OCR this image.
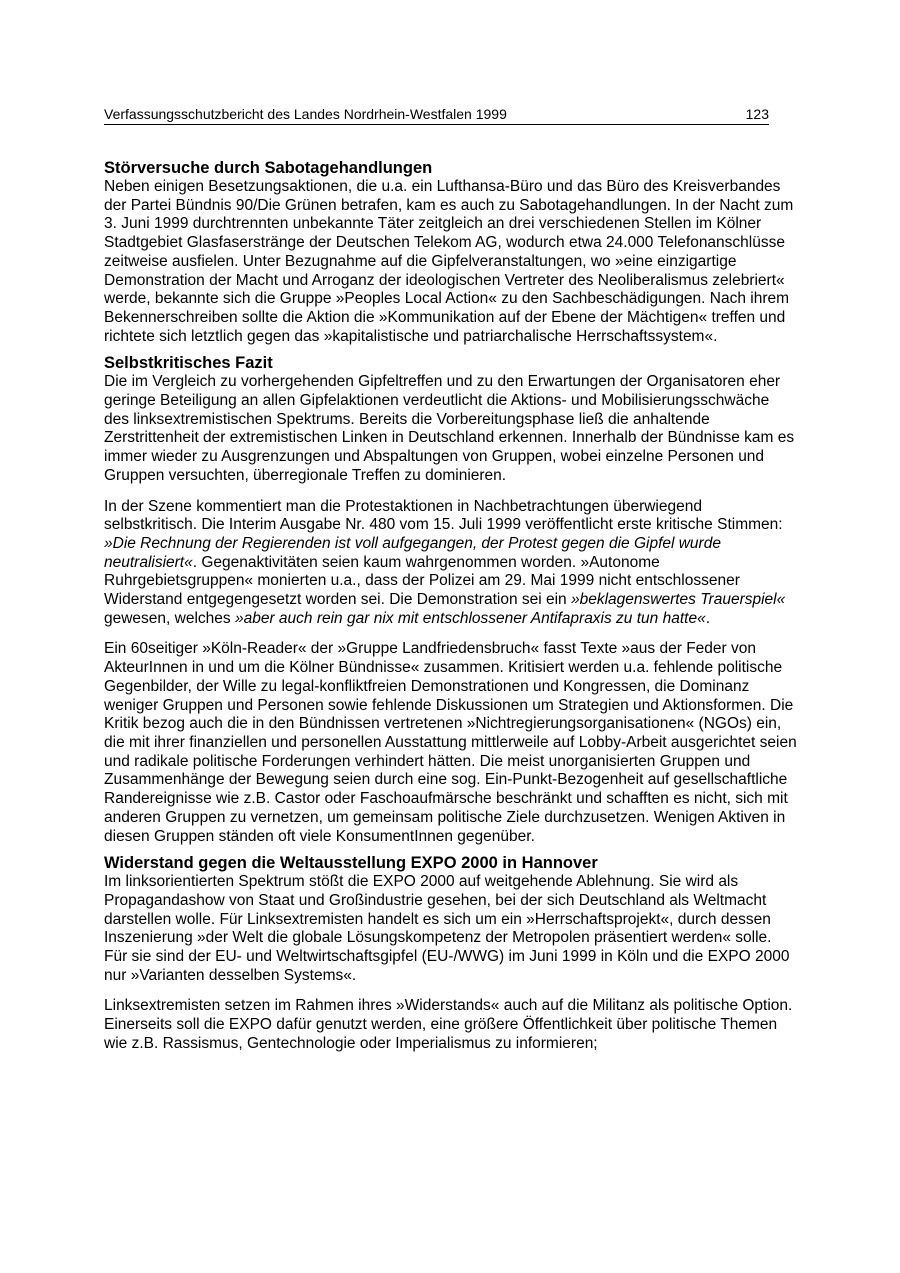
Verfassungsschutzbericht des Landes Nordrhein-Westfalen 1999	123
Störversuche durch Sabotagehandlungen

Neben einigen Besetzungsaktionen, die u.a. ein Lufthansa-Büro und das Büro des Kreisverbandes der Partei Bündnis 90/Die Grünen betrafen, kam es auch zu Sabotagehandlungen. In der Nacht zum 3. Juni 1999 durchtrennten unbekannte Täter zeitgleich an drei verschiedenen Stellen im Kölner Stadtgebiet Glasfaserstränge der Deutschen Telekom AG, wodurch etwa 24.000 Telefonanschlüsse zeitweise ausfielen. Unter Bezugnahme auf die Gipfelveranstaltungen, wo »eine einzigartige Demonstration der Macht und Arroganz der ideologischen Vertreter des Neoliberalismus zelebriert« werde, bekannte sich die Gruppe »Peoples Local Action« zu den Sachbeschädigungen. Nach ihrem Bekennerschreiben sollte die Aktion die »Kommunikation auf der Ebene der Mächtigen« treffen und richtete sich letztlich gegen das »kapitalistische und patriarchalische Herrschaftssystem«.

Selbstkritisches Fazit

Die im Vergleich zu vorhergehenden Gipfeltreffen und zu den Erwartungen der Organisatoren eher geringe Beteiligung an allen Gipfelaktionen verdeutlicht die Aktions- und Mobilisierungsschwäche des linksextremistischen Spektrums. Bereits die Vorbereitungsphase ließ die anhaltende Zerstrittenheit der extremistischen Linken in Deutschland erkennen. Innerhalb der Bündnisse kam es immer wieder zu Ausgrenzungen und Abspaltungen von Gruppen, wobei einzelne Personen und Gruppen versuchten, überregionale Treffen zu dominieren.

In der Szene kommentiert man die Protestaktionen in Nachbetrachtungen überwiegend selbstkritisch. Die Interim Ausgabe Nr. 480 vom 15. Juli 1999 veröffentlicht erste kritische Stimmen: »Die Rechnung der Regierenden ist voll aufgegangen, der Protest gegen die Gipfel wurde neutralisiert«. Gegenaktivitäten seien kaum wahrgenommen worden. »Autonome Ruhrgebietsgruppen« monierten u.a., dass der Polizei am 29. Mai 1999 nicht entschlossener Widerstand entgegengesetzt worden sei. Die Demonstration sei ein »beklagenswertes Trauerspiel« gewesen, welches »aber auch rein gar nix mit entschlossener Antifapraxis zu tun hatte«.

Ein 60seitiger »Köln-Reader« der »Gruppe Landfriedensbruch« fasst Texte »aus der Feder von AkteurInnen in und um die Kölner Bündnisse« zusammen. Kritisiert werden u.a. fehlende politische Gegenbilder, der Wille zu legal-konfliktfreien Demonstrationen und Kongressen, die Dominanz weniger Gruppen und Personen sowie fehlende Diskussionen um Strategien und Aktionsformen. Die Kritik bezog auch die in den Bündnissen vertretenen »Nichtregierungsorganisationen« (NGOs) ein, die mit ihrer finanziellen und personellen Ausstattung mittlerweile auf Lobby-Arbeit ausgerichtet seien und radikale politische Forderungen verhindert hätten. Die meist unorganisierten Gruppen und Zusammenhänge der Bewegung seien durch eine sog. Ein-Punkt-Bezogenheit auf gesellschaftliche Randereignisse wie z.B. Castor oder Faschoaufmärsche beschränkt und schafften es nicht, sich mit anderen Gruppen zu vernetzen, um gemeinsam politische Ziele durchzusetzen. Wenigen Aktiven in diesen Gruppen ständen oft viele KonsumentInnen gegenüber.

Widerstand gegen die Weltausstellung EXPO 2000 in Hannover

Im linksorientierten Spektrum stößt die EXPO 2000 auf weitgehende Ablehnung. Sie wird als Propagandashow von Staat und Großindustrie gesehen, bei der sich Deutschland als Weltmacht darstellen wolle. Für Linksextremisten handelt es sich um ein »Herrschaftsprojekt«, durch dessen Inszenierung »der Welt die globale Lösungskompetenz der Metropolen präsentiert werden« solle. Für sie sind der EU- und Weltwirtschaftsgipfel (EU-/WWG) im Juni 1999 in Köln und die EXPO 2000 nur »Varianten desselben Systems«.

Linksextremisten setzen im Rahmen ihres »Widerstands« auch auf die Militanz als politische Option. Einerseits soll die EXPO dafür genutzt werden, eine größere Öffentlichkeit über politische Themen wie z.B. Rassismus, Gentechnologie oder Imperialismus zu informieren;
